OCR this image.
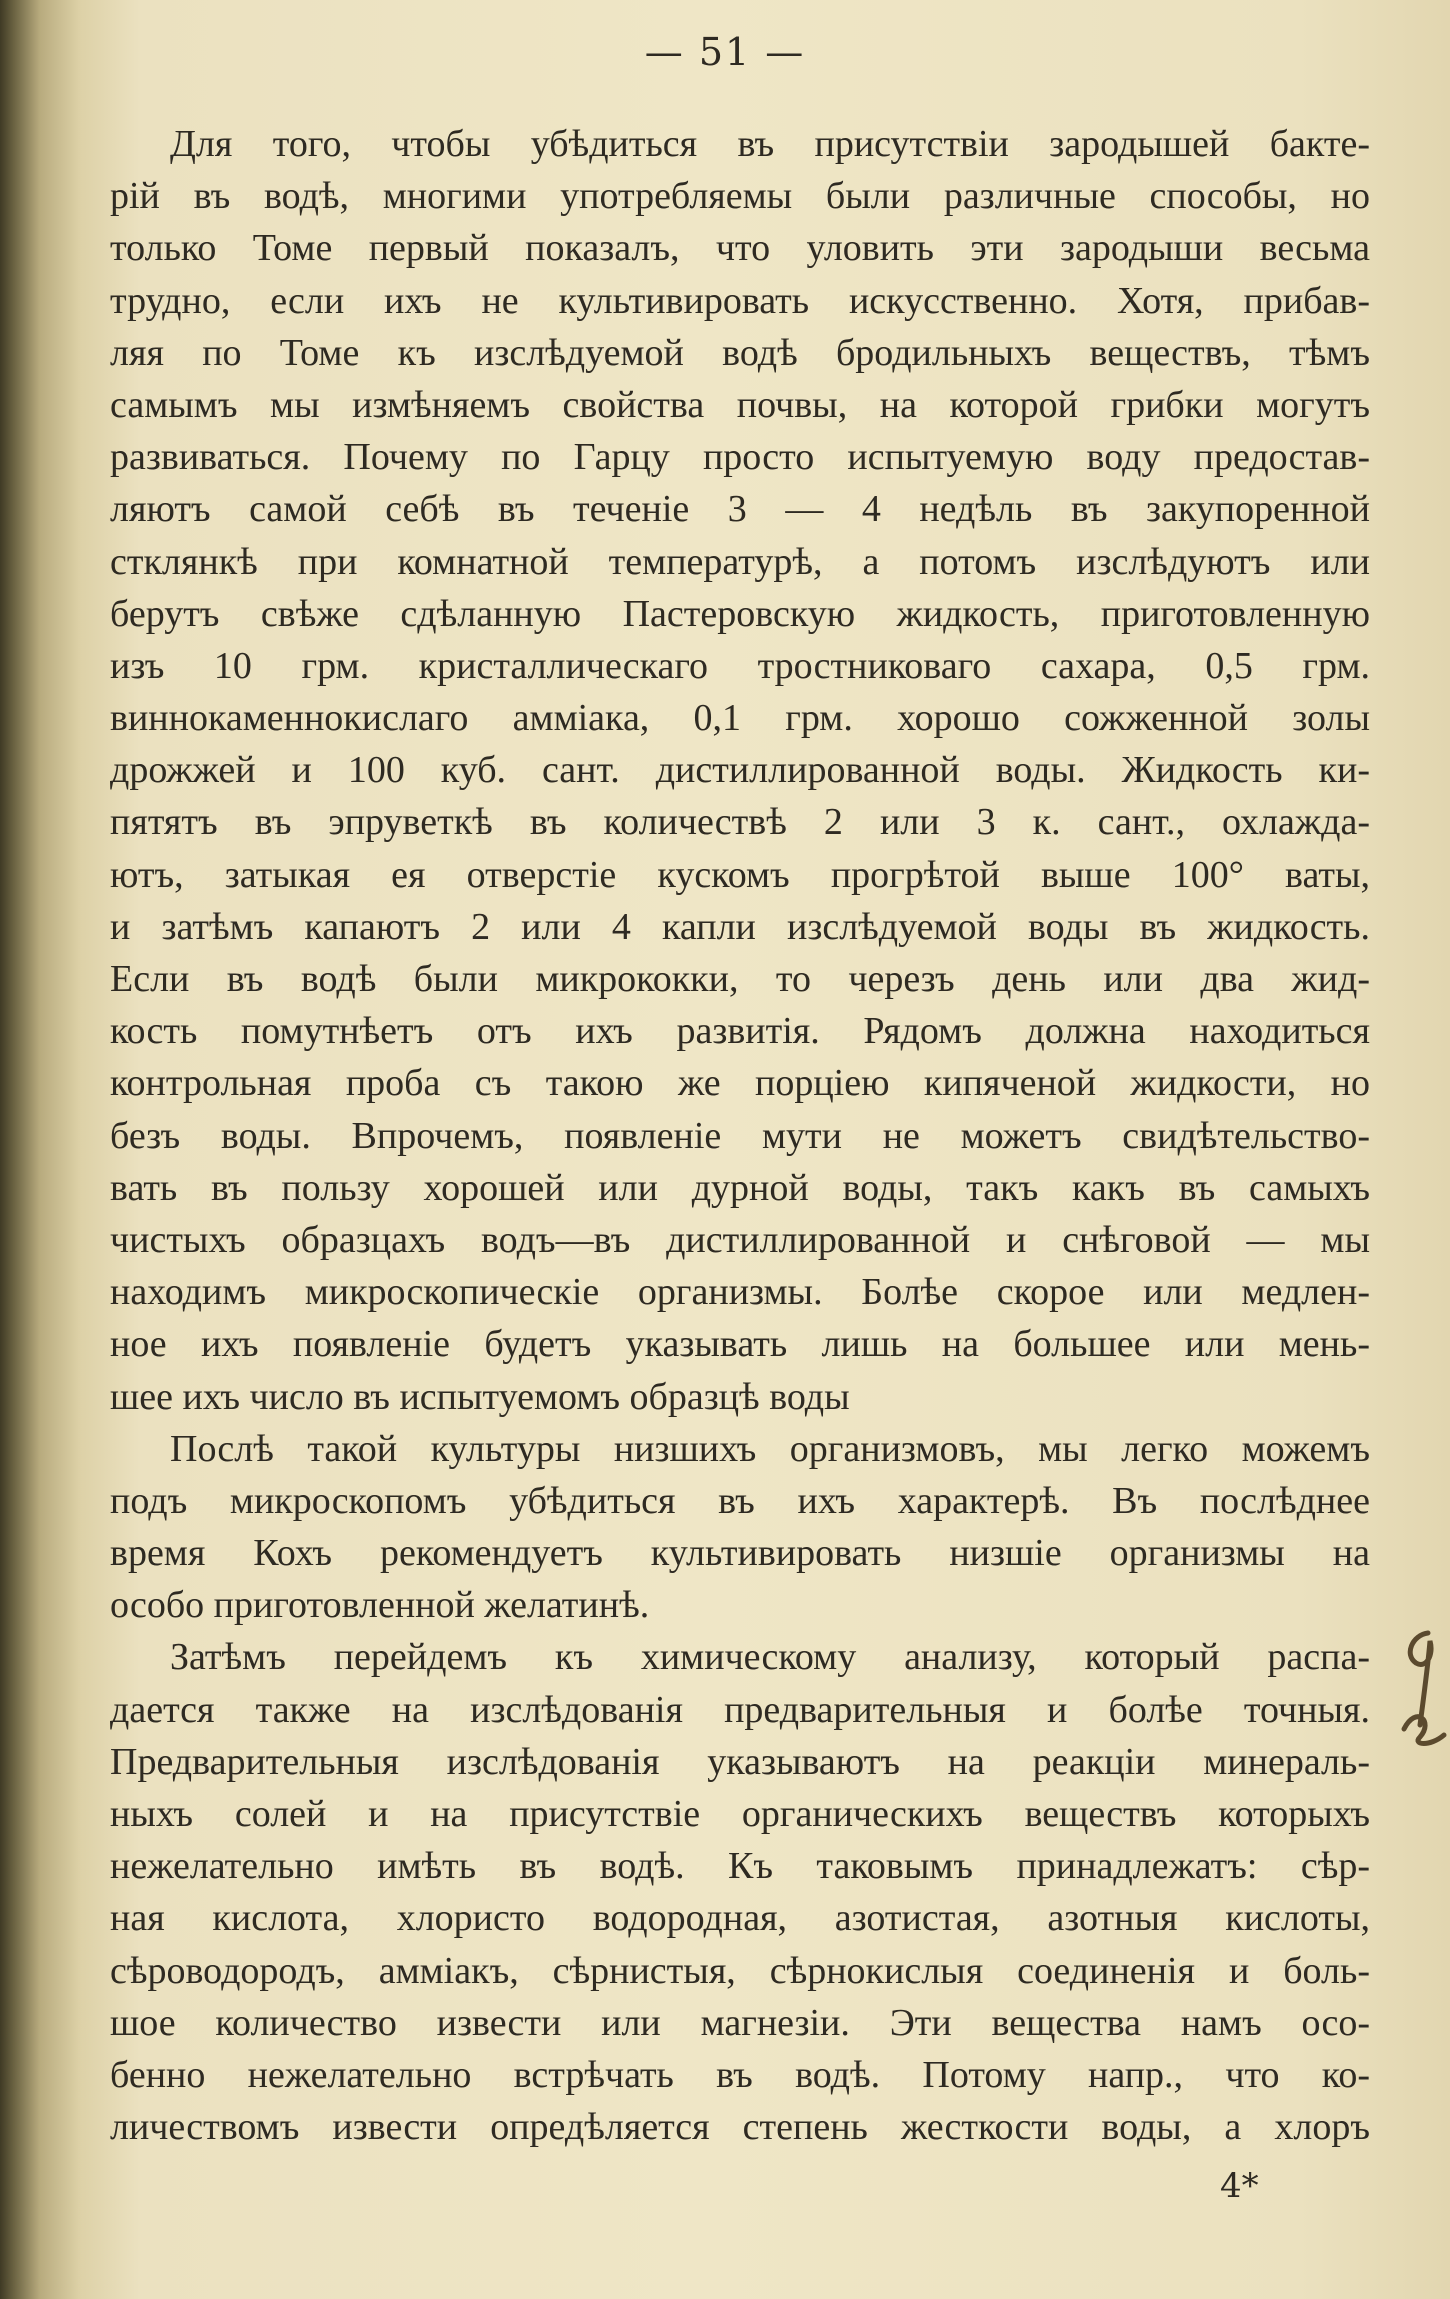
— 51 —
Для того, чтобы убѣдиться въ присутствіи зародышей бакте-
рій въ водѣ, многими употребляемы были различные способы, но
только Томе первый показалъ, что уловить эти зародыши весьма
трудно, если ихъ не культивировать искусственно. Хотя, прибав-
ляя по Томе къ изслѣдуемой водѣ бродильныхъ веществъ, тѣмъ
самымъ мы измѣняемъ свойства почвы, на которой грибки могутъ
развиваться. Почему по Гарцу просто испытуемую воду предостав-
ляютъ самой себѣ въ теченіе 3 — 4 недѣль въ закупоренной
стклянкѣ при комнатной температурѣ, а потомъ изслѣдуютъ или
берутъ свѣже сдѣланную Пастеровскую жидкость, приготовленную
изъ 10 грм. кристаллическаго тростниковаго сахара, 0,5 грм.
виннокаменнокислаго амміака, 0,1 грм. хорошо сожженной золы
дрожжей и 100 куб. сант. дистиллированной воды. Жидкость ки-
пятятъ въ эпруветкѣ въ количествѣ 2 или 3 к. сант., охлажда-
ютъ, затыкая ея отверстіе кускомъ прогрѣтой выше 100° ваты,
и затѣмъ капаютъ 2 или 4 капли изслѣдуемой воды въ жидкость.
Если въ водѣ были микрококки, то черезъ день или два жид-
кость помутнѣетъ отъ ихъ развитія. Рядомъ должна находиться
контрольная проба съ такою же порціею кипяченой жидкости, но
безъ воды. Впрочемъ, появленіе мути не можетъ свидѣтельство-
вать въ пользу хорошей или дурной воды, такъ какъ въ самыхъ
чистыхъ образцахъ водъ—въ дистиллированной и снѣговой — мы
находимъ микроскопическіе организмы. Болѣе скорое или медлен-
ное ихъ появленіе будетъ указывать лишь на большее или мень-
шее ихъ число въ испытуемомъ образцѣ воды
Послѣ такой культуры низшихъ организмовъ, мы легко можемъ
подъ микроскопомъ убѣдиться въ ихъ характерѣ. Въ послѣднее
время Кохъ рекомендуетъ культивировать низшіе организмы на
особо приготовленной желатинѣ.
Затѣмъ перейдемъ къ химическому анализу, который распа-
дается также на изслѣдованія предварительныя и болѣе точныя.
Предварительныя изслѣдованія указываютъ на реакціи минераль-
ныхъ солей и на присутствіе органическихъ веществъ которыхъ
нежелательно имѣть въ водѣ. Къ таковымъ принадлежатъ: сѣр-
ная кислота, хлористо водородная, азотистая, азотныя кислоты,
сѣроводородъ, амміакъ, сѣрнистыя, сѣрнокислыя соединенія и боль-
шое количество извести или магнезіи. Эти вещества намъ осо-
бенно нежелательно встрѣчать въ водѣ. Потому напр., что ко-
личествомъ извести опредѣляется степень жесткости воды, а хлоръ
4*
